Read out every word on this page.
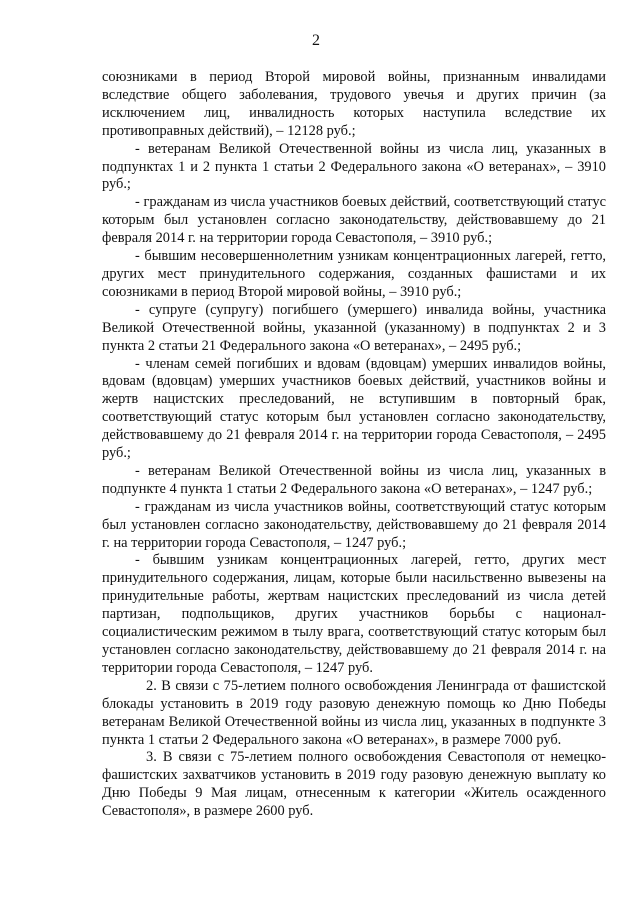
2

союзниками в период Второй мировой войны, признанным инвалидами вследствие общего заболевания, трудового увечья и других причин (за исключением лиц, инвалидность которых наступила вследствие их противоправных действий), – 12128 руб.;

- ветеранам Великой Отечественной войны из числа лиц, указанных в подпунктах 1 и 2 пункта 1 статьи 2 Федерального закона «О ветеранах», – 3910 руб.;

- гражданам из числа участников боевых действий, соответствующий статус которым был установлен согласно законодательству, действовавшему до 21 февраля 2014 г. на территории города Севастополя, – 3910 руб.;

- бывшим несовершеннолетним узникам концентрационных лагерей, гетто, других мест принудительного содержания, созданных фашистами и их союзниками в период Второй мировой войны, – 3910 руб.;

- супруге (супругу) погибшего (умершего) инвалида войны, участника Великой Отечественной войны, указанной (указанному) в подпунктах 2 и 3 пункта 2 статьи 21 Федерального закона «О ветеранах», – 2495 руб.;

- членам семей погибших и вдовам (вдовцам) умерших инвалидов войны, вдовам (вдовцам) умерших участников боевых действий, участников войны и жертв нацистских преследований, не вступившим в повторный брак, соответствующий статус которым был установлен согласно законодательству, действовавшему до 21 февраля 2014 г. на территории города Севастополя, – 2495 руб.;

- ветеранам Великой Отечественной войны из числа лиц, указанных в подпункте 4 пункта 1 статьи 2 Федерального закона «О ветеранах», – 1247 руб.;

- гражданам из числа участников войны, соответствующий статус которым был установлен согласно законодательству, действовавшему до 21 февраля 2014 г. на территории города Севастополя, – 1247 руб.;

- бывшим узникам концентрационных лагерей, гетто, других мест принудительного содержания, лицам, которые были насильственно вывезены на принудительные работы, жертвам нацистских преследований из числа детей партизан, подпольщиков, других участников борьбы с национал-социалистическим режимом в тылу врага, соответствующий статус которым был установлен согласно законодательству, действовавшему до 21 февраля 2014 г. на территории города Севастополя, – 1247 руб.

2. В связи с 75-летием полного освобождения Ленинграда от фашистской блокады установить в 2019 году разовую денежную помощь ко Дню Победы ветеранам Великой Отечественной войны из числа лиц, указанных в подпункте 3 пункта 1 статьи 2 Федерального закона «О ветеранах», в размере 7000 руб.

3. В связи с 75-летием полного освобождения Севастополя от немецко-фашистских захватчиков установить в 2019 году разовую денежную выплату ко Дню Победы 9 Мая лицам, отнесенным к категории «Житель осажденного Севастополя», в размере 2600 руб.
